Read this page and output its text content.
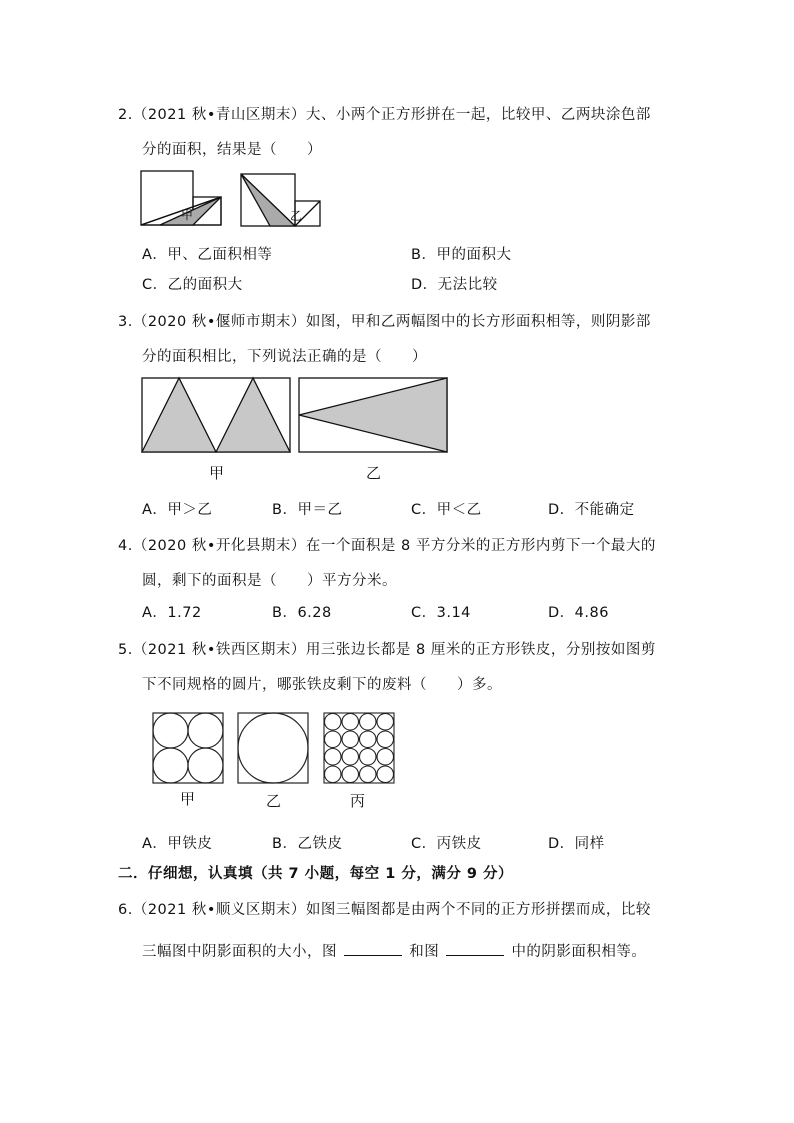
2.（2021 秋•青山区期末）大、小两个正方形拼在一起，比较甲、乙两块涂色部
分的面积，结果是（　　）
甲	乙
A．甲、乙面积相等	B．甲的面积大
C．乙的面积大	D．无法比较
3.（2020 秋•偃师市期末）如图，甲和乙两幅图中的长方形面积相等，则阴影部
分的面积相比，下列说法正确的是（　　）
甲	乙
A．甲＞乙	B．甲＝乙	C．甲＜乙	D．不能确定
4.（2020 秋•开化县期末）在一个面积是 8 平方分米的正方形内剪下一个最大的
圆，剩下的面积是（　　）平方分米。
A．1.72	B．6.28	C．3.14	D．4.86
5.（2021 秋•铁西区期末）用三张边长都是 8 厘米的正方形铁皮，分别按如图剪
下不同规格的圆片，哪张铁皮剩下的废料（　　）多。
甲	乙	丙
A．甲铁皮	B．乙铁皮	C．丙铁皮	D．同样
二．仔细想，认真填（共 7 小题，每空 1 分，满分 9 分）
6.（2021 秋•顺义区期末）如图三幅图都是由两个不同的正方形拼摆而成，比较
三幅图中阴影面积的大小，图	和图	中的阴影面积相等。
